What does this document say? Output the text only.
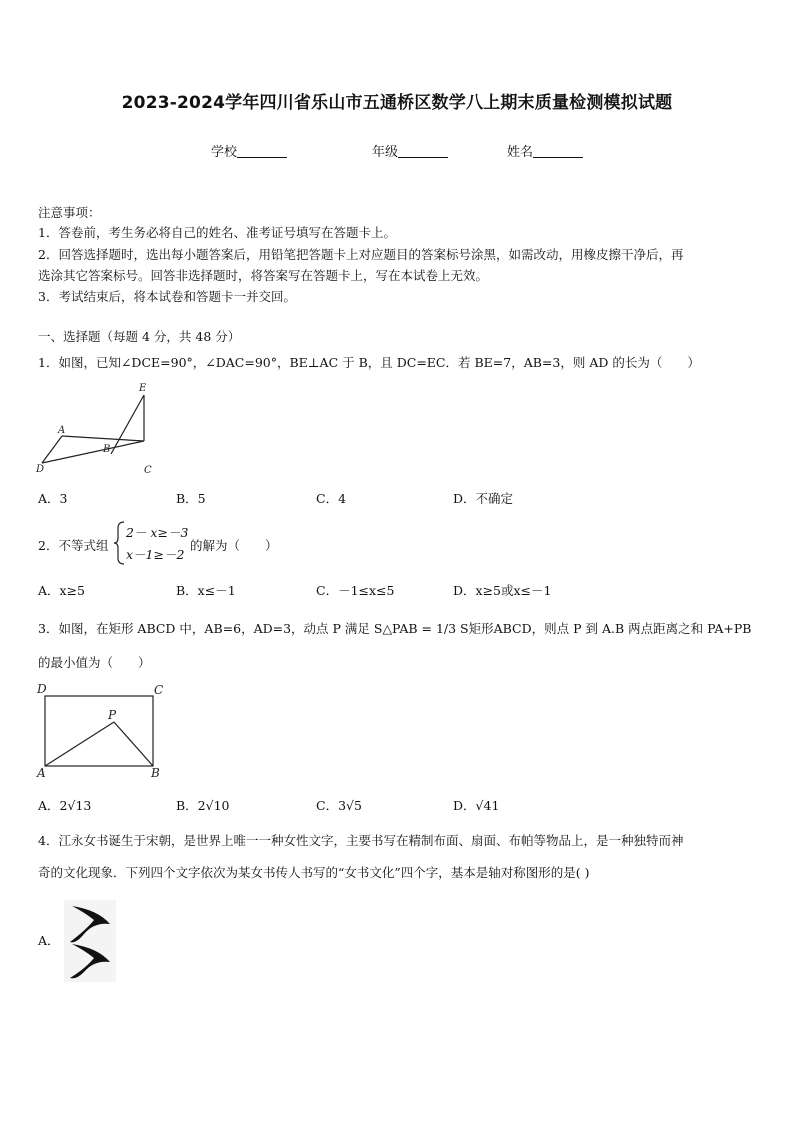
2023-2024学年四川省乐山市五通桥区数学八上期末质量检测模拟试题
学校	年级	姓名
注意事项：
1．答卷前，考生务必将自己的姓名、准考证号填写在答题卡上。
2．回答选择题时，选出每小题答案后，用铅笔把答题卡上对应题目的答案标号涂黑，如需改动，用橡皮擦干净后，再
选涂其它答案标号。回答非选择题时，将答案写在答题卡上，写在本试卷上无效。
3．考试结束后，将本试卷和答题卡一并交回。
一、选择题（每题 4 分，共 48 分）
1．如图，已知∠DCE=90°，∠DAC=90°，BE⊥AC 于 B，且 DC=EC．若 BE=7，AB=3，则 AD 的长为（　　）
E
A
B
D	C
A．3	B．5	C．4	D．不确定
2．不等式组
2－ x≥－3
x－1≥－2
的解为（　　）
A．x≥5	B．x≤－1	C．－1≤x≤5	D．x≥5或x≤－1
3．如图，在矩形 ABCD 中，AB=6，AD=3，动点 P 满足 S△PAB = 1/3 S矩形ABCD，则点 P 到 A.B 两点距离之和 PA+PB
的最小值为（　　）
D	C
P
A	B
A．2√13	B．2√10	C．3√5	D．√41
4．江永女书诞生于宋朝，是世界上唯一一种女性文字，主要书写在精制布面、扇面、布帕等物品上，是一种独特而神
奇的文化现象．下列四个文字依次为某女书传人书写的“女书文化”四个字，基本是轴对称图形的是( )
A．
